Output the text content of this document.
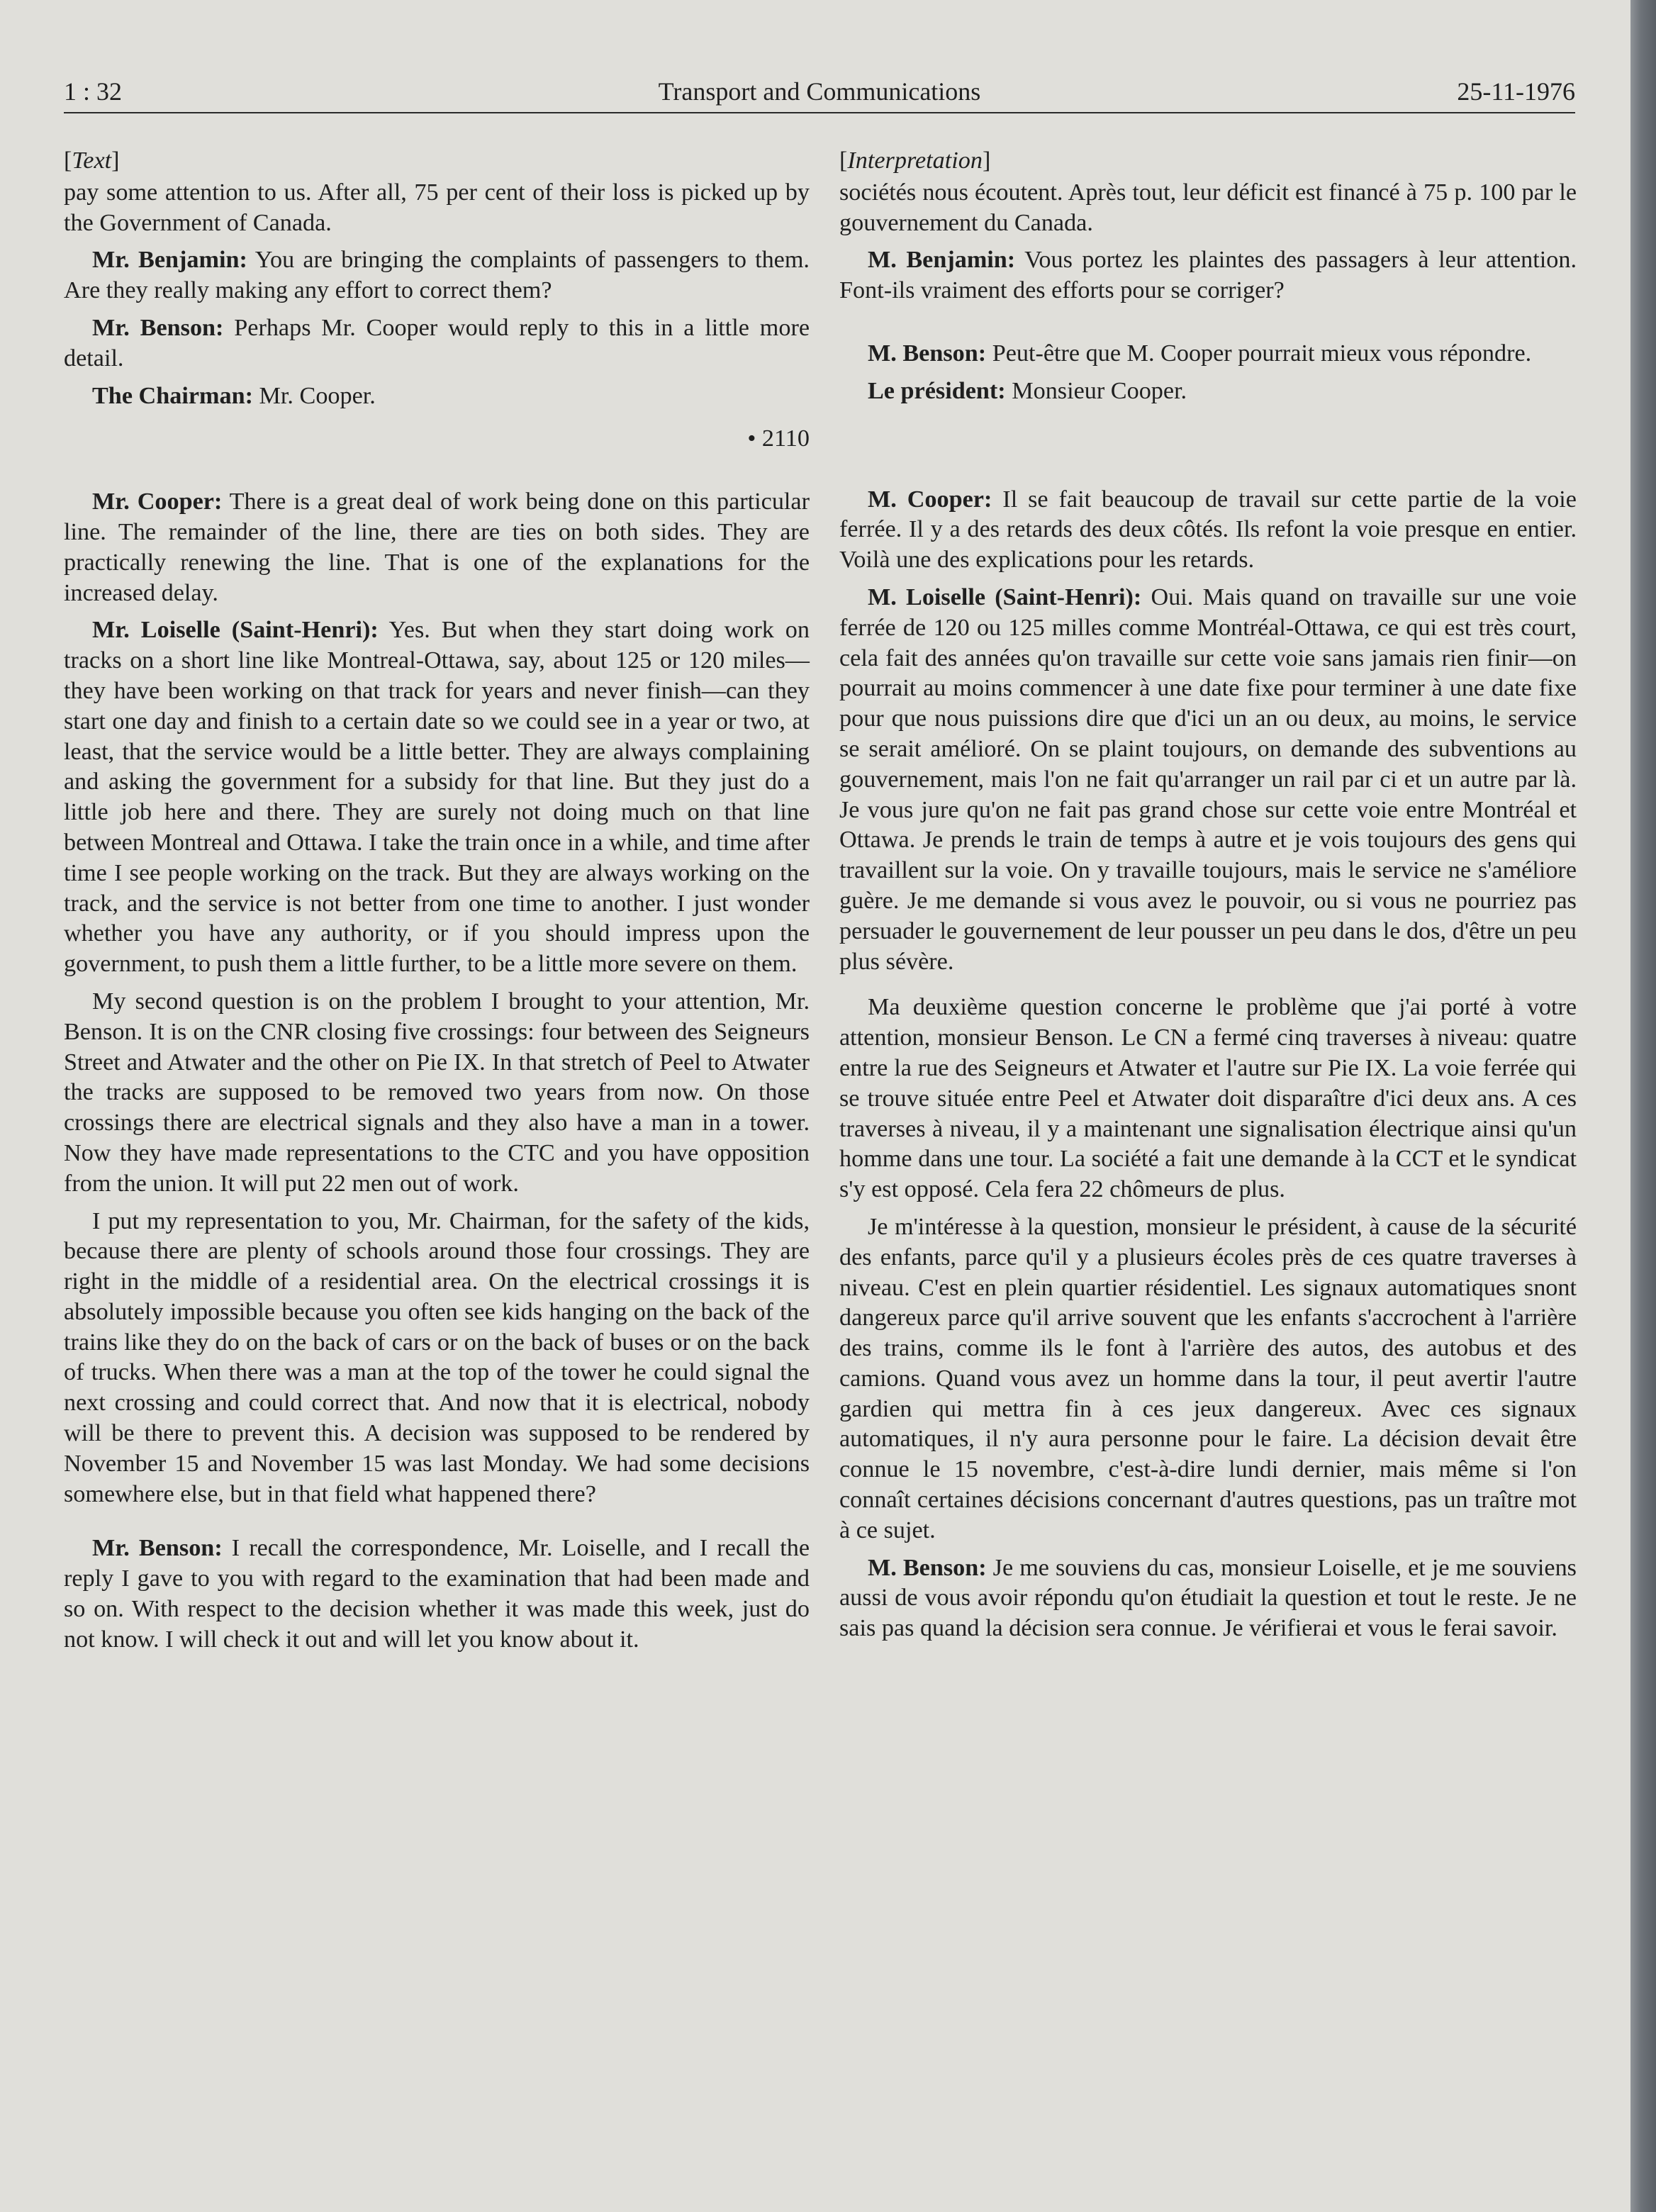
1 : 32	Transport and Communications	25-11-1976
[Text]

pay some attention to us. After all, 75 per cent of their loss is picked up by the Government of Canada.

Mr. Benjamin: You are bringing the complaints of passengers to them. Are they really making any effort to correct them?

Mr. Benson: Perhaps Mr. Cooper would reply to this in a little more detail.

The Chairman: Mr. Cooper.

• 2110

Mr. Cooper: There is a great deal of work being done on this particular line. The remainder of the line, there are ties on both sides. They are practically renewing the line. That is one of the explanations for the increased delay.

Mr. Loiselle (Saint-Henri): Yes. But when they start doing work on tracks on a short line like Montreal-Ottawa, say, about 125 or 120 miles—they have been working on that track for years and never finish—can they start one day and finish to a certain date so we could see in a year or two, at least, that the service would be a little better. They are always complaining and asking the government for a subsidy for that line. But they just do a little job here and there. They are surely not doing much on that line between Montreal and Ottawa. I take the train once in a while, and time after time I see people working on the track. But they are always working on the track, and the service is not better from one time to another. I just wonder whether you have any authority, or if you should impress upon the government, to push them a little further, to be a little more severe on them.

My second question is on the problem I brought to your attention, Mr. Benson. It is on the CNR closing five crossings: four between des Seigneurs Street and Atwater and the other on Pie IX. In that stretch of Peel to Atwater the tracks are supposed to be removed two years from now. On those crossings there are electrical signals and they also have a man in a tower. Now they have made representations to the CTC and you have opposition from the union. It will put 22 men out of work.

I put my representation to you, Mr. Chairman, for the safety of the kids, because there are plenty of schools around those four crossings. They are right in the middle of a residential area. On the electrical crossings it is absolutely impossible because you often see kids hanging on the back of the trains like they do on the back of cars or on the back of buses or on the back of trucks. When there was a man at the top of the tower he could signal the next crossing and could correct that. And now that it is electrical, nobody will be there to prevent this. A decision was supposed to be rendered by November 15 and November 15 was last Monday. We had some decisions somewhere else, but in that field what happened there?

Mr. Benson: I recall the correspondence, Mr. Loiselle, and I recall the reply I gave to you with regard to the examination that had been made and so on. With respect to the decision whether it was made this week, just do not know. I will check it out and will let you know about it.

[Interpretation]

sociétés nous écoutent. Après tout, leur déficit est financé à 75 p. 100 par le gouvernement du Canada.

M. Benjamin: Vous portez les plaintes des passagers à leur attention. Font-ils vraiment des efforts pour se corriger?

M. Benson: Peut-être que M. Cooper pourrait mieux vous répondre.

Le président: Monsieur Cooper.

M. Cooper: Il se fait beaucoup de travail sur cette partie de la voie ferrée. Il y a des retards des deux côtés. Ils refont la voie presque en entier. Voilà une des explications pour les retards.

M. Loiselle (Saint-Henri): Oui. Mais quand on travaille sur une voie ferrée de 120 ou 125 milles comme Montréal-Ottawa, ce qui est très court, cela fait des années qu'on travaille sur cette voie sans jamais rien finir—on pourrait au moins commencer à une date fixe pour terminer à une date fixe pour que nous puissions dire que d'ici un an ou deux, au moins, le service se serait amélioré. On se plaint toujours, on demande des subventions au gouvernement, mais l'on ne fait qu'arranger un rail par ci et un autre par là. Je vous jure qu'on ne fait pas grand chose sur cette voie entre Montréal et Ottawa. Je prends le train de temps à autre et je vois toujours des gens qui travaillent sur la voie. On y travaille toujours, mais le service ne s'améliore guère. Je me demande si vous avez le pouvoir, ou si vous ne pourriez pas persuader le gouvernement de leur pousser un peu dans le dos, d'être un peu plus sévère.

Ma deuxième question concerne le problème que j'ai porté à votre attention, monsieur Benson. Le CN a fermé cinq traverses à niveau: quatre entre la rue des Seigneurs et Atwater et l'autre sur Pie IX. La voie ferrée qui se trouve située entre Peel et Atwater doit disparaître d'ici deux ans. A ces traverses à niveau, il y a maintenant une signalisation électrique ainsi qu'un homme dans une tour. La société a fait une demande à la CCT et le syndicat s'y est opposé. Cela fera 22 chômeurs de plus.

Je m'intéresse à la question, monsieur le président, à cause de la sécurité des enfants, parce qu'il y a plusieurs écoles près de ces quatre traverses à niveau. C'est en plein quartier résidentiel. Les signaux automatiques snont dangereux parce qu'il arrive souvent que les enfants s'accrochent à l'arrière des trains, comme ils le font à l'arrière des autos, des autobus et des camions. Quand vous avez un homme dans la tour, il peut avertir l'autre gardien qui mettra fin à ces jeux dangereux. Avec ces signaux automatiques, il n'y aura personne pour le faire. La décision devait être connue le 15 novembre, c'est-à-dire lundi dernier, mais même si l'on connaît certaines décisions concernant d'autres questions, pas un traître mot à ce sujet.

M. Benson: Je me souviens du cas, monsieur Loiselle, et je me souviens aussi de vous avoir répondu qu'on étudiait la question et tout le reste. Je ne sais pas quand la décision sera connue. Je vérifierai et vous le ferai savoir.
